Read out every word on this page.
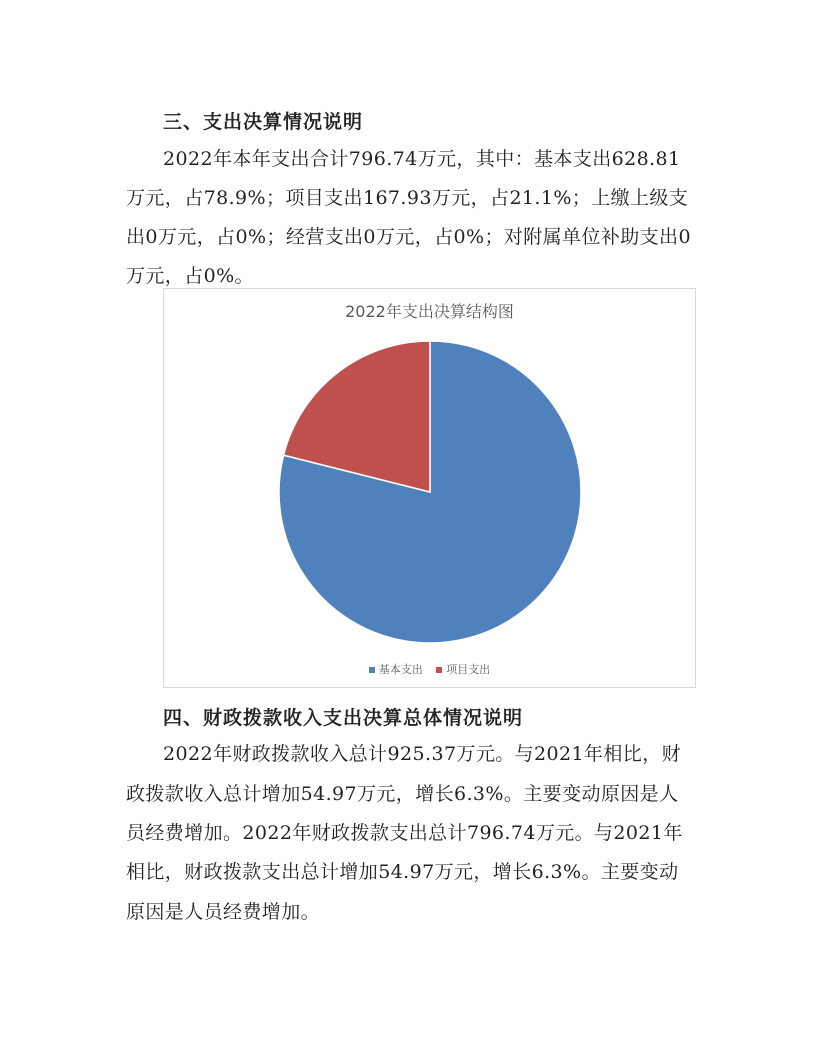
三、支出决算情况说明
2022年本年支出合计796.74万元，其中：基本支出628.81
万元，占78.9%；项目支出167.93万元，占21.1%；上缴上级支
出0万元，占0%；经营支出0万元，占0%；对附属单位补助支出0
万元，占0%。
2022年支出决算结构图
基本支出 项目支出
四、财政拨款收入支出决算总体情况说明
2022年财政拨款收入总计925.37万元。与2021年相比，财
政拨款收入总计增加54.97万元，增长6.3%。主要变动原因是人
员经费增加。2022年财政拨款支出总计796.74万元。与2021年
相比，财政拨款支出总计增加54.97万元，增长6.3%。主要变动
原因是人员经费增加。
